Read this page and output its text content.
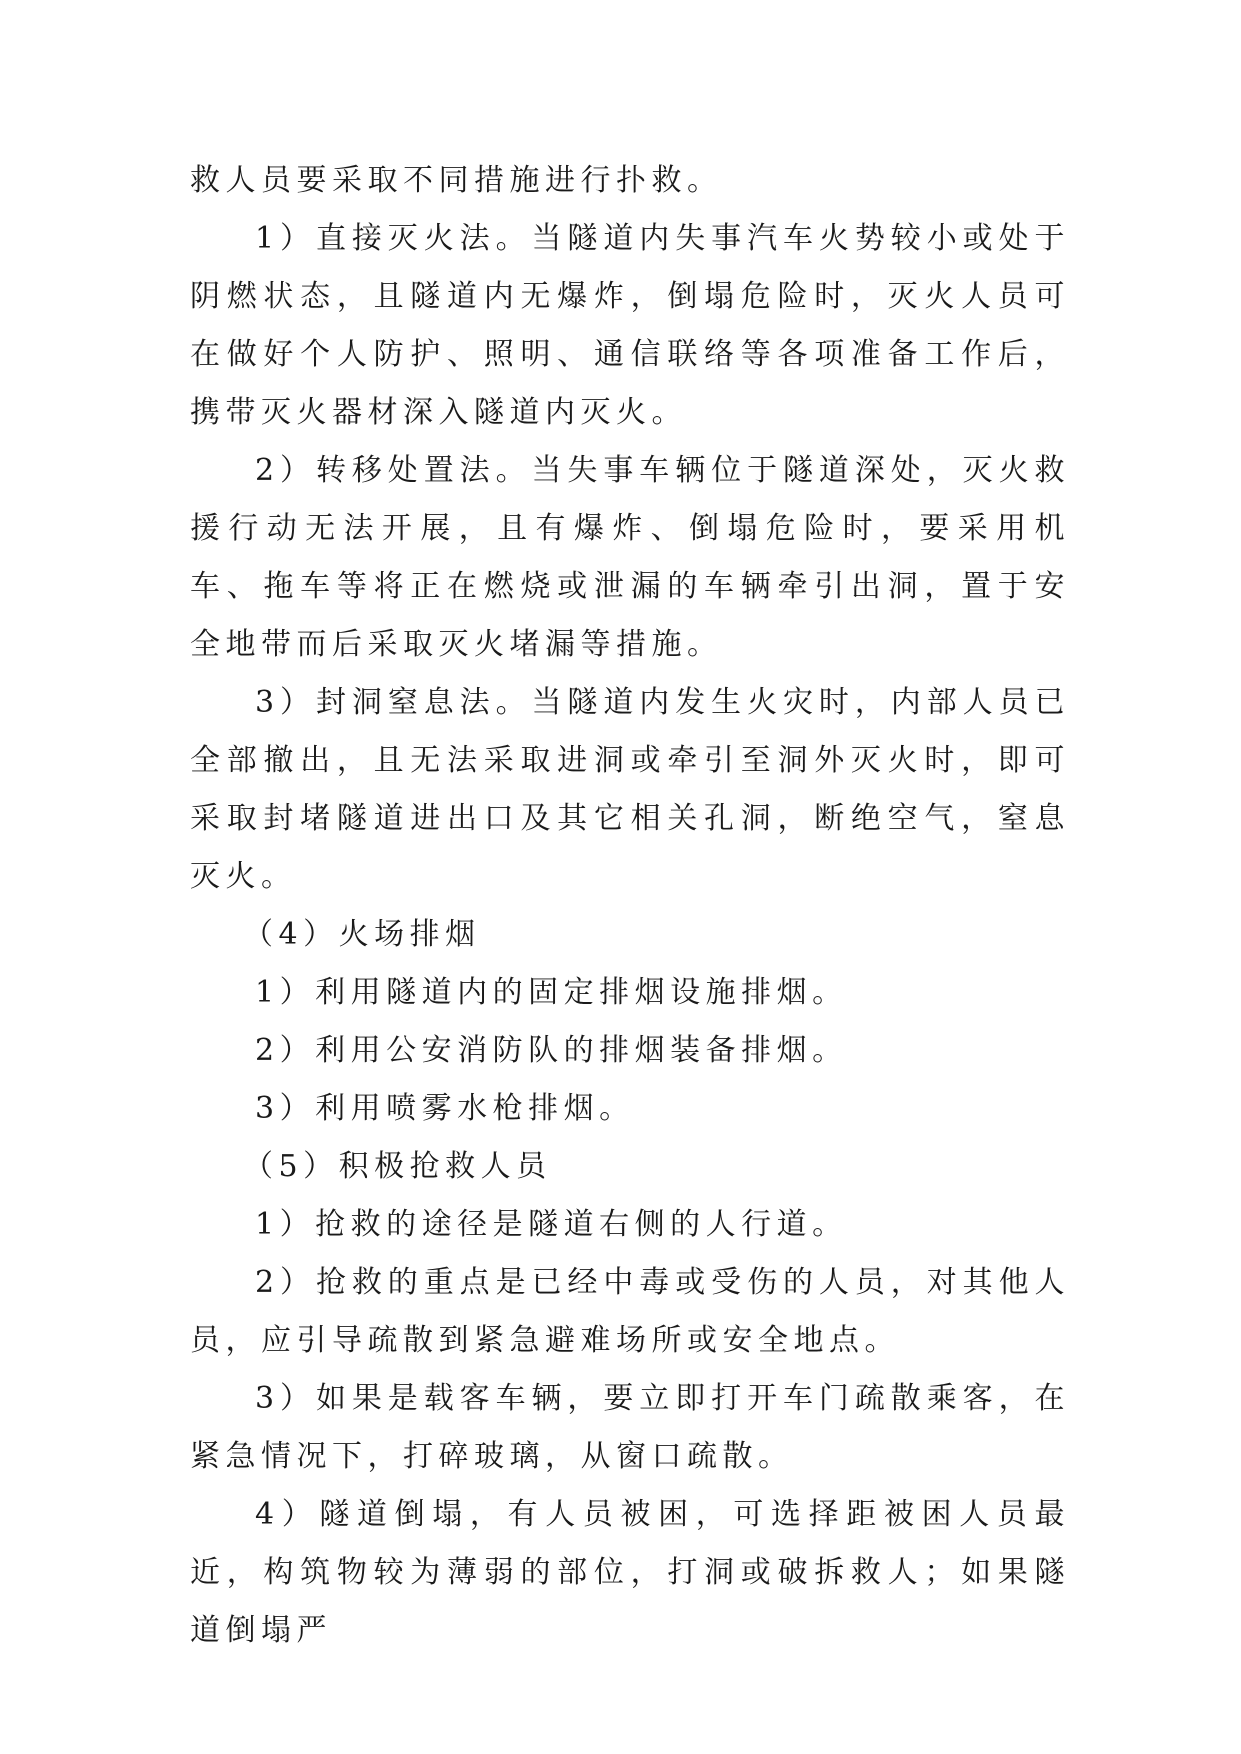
救人员要采取不同措施进行扑救。

1）直接灭火法。当隧道内失事汽车火势较小或处于阴燃状态，且隧道内无爆炸，倒塌危险时，灭火人员可在做好个人防护、照明、通信联络等各项准备工作后，携带灭火器材深入隧道内灭火。

2）转移处置法。当失事车辆位于隧道深处，灭火救援行动无法开展，且有爆炸、倒塌危险时，要采用机车、拖车等将正在燃烧或泄漏的车辆牵引出洞，置于安全地带而后采取灭火堵漏等措施。

3）封洞窒息法。当隧道内发生火灾时，内部人员已全部撤出，且无法采取进洞或牵引至洞外灭火时，即可采取封堵隧道进出口及其它相关孔洞，断绝空气，窒息灭火。

（4）火场排烟

1）利用隧道内的固定排烟设施排烟。

2）利用公安消防队的排烟装备排烟。

3）利用喷雾水枪排烟。

（5）积极抢救人员

1）抢救的途径是隧道右侧的人行道。

2）抢救的重点是已经中毒或受伤的人员，对其他人员，应引导疏散到紧急避难场所或安全地点。

3）如果是载客车辆，要立即打开车门疏散乘客，在紧急情况下，打碎玻璃，从窗口疏散。

4）隧道倒塌，有人员被困，可选择距被困人员最近，构筑物较为薄弱的部位，打洞或破拆救人；如果隧道倒塌严
